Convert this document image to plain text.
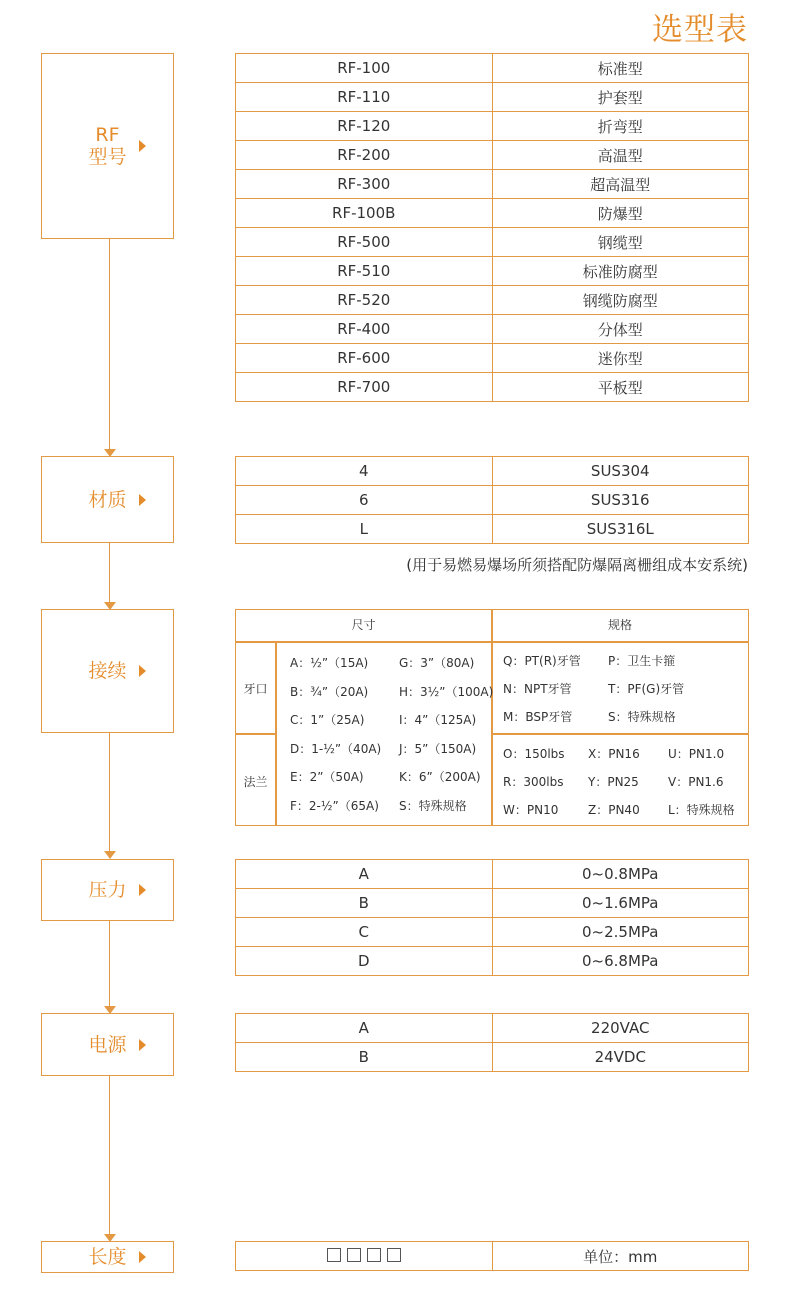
选型表
RF
型号
RF-100	标准型
RF-110	护套型
RF-120	折弯型
RF-200	高温型
RF-300	超高温型
RF-100B	防爆型
RF-500	钢缆型
RF-510	标准防腐型
RF-520	钢缆防腐型
RF-400	分体型
RF-600	迷你型
RF-700	平板型
材质
4	SUS304
6	SUS316
L	SUS316L
(用于易燃易爆场所须搭配防爆隔离栅组成本安系统)
接续
尺寸	规格
牙口
法兰
A：½”（15A)	G：3”（80A)
B：¾”（20A)	H：3½”（100A)
C：1”（25A)	I：4”（125A)
D：1-½”（40A) J：5”（150A)
E：2”（50A)	K：6”（200A)
F：2-½”（65A) S：特殊规格
Q：PT(R)牙管 P：卫生卡箍
N：NPT牙管	T：PF(G)牙管
M：BSP牙管	S：特殊规格
O：150lbs X：PN16 U：PN1.0
R：300lbs Y：PN25 V：PN1.6
W：PN10 Z：PN40 L：特殊规格
压力
A	0~0.8MPa
B	0~1.6MPa
C	0~2.5MPa
D	0~6.8MPa
电源
A	220VAC
B	24VDC
长度
		单位：mm
